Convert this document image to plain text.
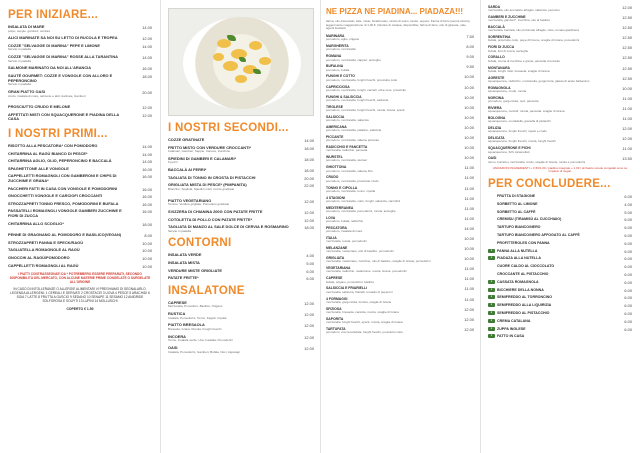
PER INIZIARE...
INSALATA DI MARE
polpo, seppie, gamberi, verdure
14.00
ALICI MARINATE SA NOI SU LETTO DI RUCOLA E TROPEA	12.00
COZZE "SELVAGGE DI MARINA" PEPE E LIMONE
Servito in padella
14.00
COZZE "SELVAGGE DI MARINA" ROSSE ALLA TARANTINA
Servito in padella
14.00
SALMONE MARINATO DA NOI ALL'ARANCIA	16.00
SAUTÉ GOURMET: COZZE E VONGOLE CON ALLORO E PEPERONCINO
Servito in padella
18.00
GRAN PIATTO OASI
crudo, insalata di mare, salmone e alici marinate, Gamberi
20.00
PROSCIUTTO CRUDO E MELONE	12.00
AFFETTATI MISTI CON SQUACQUERONE E PIADINA DELLA CASA
12.00
I NOSTRI PRIMI...
RISOTTO ALLA PESCATORA* CON POMODORO	14.00
CHITARRINA AL RAGÙ BIANCO DI PESCE*	14.00
CHITARRINA AGLIO, OLIO, PEPERONCINO E BACCALÀ	14.00
SPAGHETTONE ALLE VONGOLE	16.00
CAPPELLETTI ROMAGNOLI CON GAMBERONI E CHIPS DI ZUCCHINE E GRANA*
16.00
PACCHERI FATTI IN CASA CON VONGOLE E POMODORINI	16.00
GNOCCHETTI VONGOLE E CARCIOFI CROCCANTI	16.00
STROZZAPRETI TONNO FRESCO, POMODORINI E BUFALA	16.00
PASSATELLI ROMAGNOLI VONGOLE GAMBERI ZUCCHINE E FIORI DI ZUCCA
16.00
CHITARRINA ALLO SCOGLIO*	18.00
PENNE DI GRAGNANO AL POMODORO E BASILICO(VEGAN)	8.00
STROZZAPRETI PANNA E SPECK/RAGÙ	10.00
TAGLIATELLA ROMAGNOLE AL RAGÙ	10.00
GNOCCHI AL RAGÙ/POMODORO	10.00
CAPPELLETTI ROMAGNOLI AL RAGÙ	10.00
I PIATTI CONTRASSEGNATI DA * POTREBBERO ESSERE PREPARATI, SECONDO DISPONIBILITÀ DEL MERCATO, CON ALCUNE MATERIE PRIME CONGELATE O SURGELATE ALL'ORIGINE
IN CASO DI INTOLLERANZE O ALLERGIE ALIMENTARI VI PREGHIAMO DI SEGNALARLO. LEGENDA ALLERGENI: 1 CEREALI E DERIVATI 2 CROSTACEI 3 UOVA 4 PESCE 5 ARACHIDI 6 SOIA 7 LATTE 8 FRUTTA A GUSCIO 9 SEDANO 10 SENAPE 11 SESAMO 12 ANIDRIDE SOLFOROSA E SOLFITI 13 LUPINI 14 MOLLUSCHI
COPERTO € 1.50
I NOSTRI SECONDI...
COZZE GRATINATE	14.00
FRITTO MISTO CON VERDURE CROCCANTI*
Calamari, Gamberi, Seppie, Canoce, Zucchine
18.00
SPIEDINI DI GAMBERI E CALAMARI*
6 pezzi
18.00
BACCALÀ AI FERRI*	18.00
TAGLIATA DI TONNO IN CROSTA DI PISTACCHI	20.00
GRIGLIATA MISTA DI PESCE* (PIMPANITA)
Branzino, Sogliola, Spiedini misti, Cozze gratinate
22.00
PIATTO VEGETARIANO
Tomino, Verdure grigliate, Pomodoro gratinato
12.00
SVIZZERA DI CHIANINA 200G CON PATATE FRITTE	12.00
COTOLETTA DI POLLO CON PATATE FRITTE*	12.00
TAGLIATA DI MANZO AL SALE DOLCE DI CERVIA E ROSMARINO
Servito in padella
18.00
CONTORNI
INSALATA VERDE	4.00
INSALATA MISTA	5.00
VERDURE MISTE GRIGLIATE	6.00
PATATE FRITTE*	6.00
INSALATONE
CAPRESE
Mozzarella, Pomodoro, Basilico, Origano
12.00
RUSTICA
Insalata, Pomodorini, Tonno, Fagioli, Cipolla
12.00
PIATTO BRESAOLA
Bresaola, Grana, Rucola, Funghi freschi
12.00
INCOERA
Tonno, Insalata verde, Uva, Insalata, Pomodorini
12.00
OASI
Insalata, Pomodorini, Gamberi, Bufala, Noci, Asparagi
12.00
NE PIZZA NE PIADINA... PIADAZA!!!
farina, olio d'avocado, sale, miele, bicarbonato, strutto di suino, lievito. oppure: Farina di farro (senza strutto), leggermente maggiorazione di 1,00 €. (Glutine di canapa, disponibile). farina di farro, olio di girasole, sale, agenti lievitanti
MARINARA
pomodoro, aglio, origano
7.50
MARGHERITA
pomodoro, mozzarella
8.00
ROMANA
pomodoro, mozzarella, capperi, acciughe
9.00
BUFALINA
pomodoro, bufala
9.50
FUNGHI E COTTO
pomodoro, mozzarella, funghi freschi, prosciutto cotto
10.00
CAPRICCIOSA
pomodoro, mozzarella, funghi, carciofi, olive nere, prosciutto
10.00
FUNGHI & SALSICCIA
pomodoro, mozzarella, funghi freschi, salsiccia
10.00
TIROLESE
pomodoro, mozzarella, funghi freschi, rucola, Grana, speck
10.00
SALSICCIA
pomodoro, mozzarella, salsiccia
10.00
AMERICANA
pomodoro, mozzarella, patatine, salsiccia
10.00
PICCANTE
pomodoro, mozzarella, salame piccante
10.00
RADICCHIO E PANCETTA
mozzarella, radicchio, pancetta
10.00
WURSTEL
pomodoro, mozzarella, wurstel
10.00
GHIOTTONA
pomodoro, mozzarella, salame frito
11.00
CRUDO
pomodoro, mozzarella, prosciutto crudo
11.00
TONNO E CIPOLLA
pomodoro, mozzarella, tonno, cipolla
11.00
4 STAGIONI
pomodoro, mozzarella, cotto, funghi, salsiccia, carciofini
11.00
MEDITERRANEA
pomodoro, mozzarella, pomodorini, rucola, acciughe
11.00
LOVA
pomodoro, bufala, radicchio
11.00
PESCATORA
pomodoro, insalata di mare
14.00
ITALIA
mozzarella, rucola, pomodorini
10.00
MELANZANE
mozzarella, melanzane, olio di basilico, pomodorini
10.00
GRIGLIATA
mozzarella, melanzane, zucchine, olio di basilico, scaglie di Grana, pomodorini
10.00
VEGETARIANA
mozzarella, radicchio, melanzane, rucola, Grana, pomodorini
11.00
CAPRESE
bufala, origano, pomodorini, basilico
11.00
SALSICCIA E FRIARIELLI
mozzarella, salsiccia, friarielli, tomatini di peperoni
11.00
4 FORMAGGI
mozzarella, gorgonzola, fontina, scaglie di Grana
11.00
SFIZIOSA
mozzarella, bresaola, caciotta, rucola, scaglie di Grana
12.00
SAPORITA
mozzarella, funghi freschi, speck, rucola, scaglie di Grana
12.00
TARTUFATA
pomodoro, crema tartufata, funghi freschi, prosciutto cotto
12.00
SARDA
mozzarella, olio aromatico all'aglio, salsiccia, pecorino
12.00
GAMBERI E ZUCCHINE
mozzarella, gamberi*, zucchine, olio al basilico
12.50
BACCALÀ
mozzarella, baccalà, olio profumato all'aglio, olive, tomato-giardinera
12.50
SORRENTINA
bufala, prosciutto cotto, pepe di limone, scaglie di Grana, pomodorini
12.50
FIORI DI ZUCCA
bufala, fiori di zucca, acciughe
12.50
CORALLO
bufala, crema di zucchine e grana, pancetta croccante
12.50
MONTANARA
bufala, funghi misti, bresaola, scaglie di Grana
12.50
AGRESTE
squacquerone, radicchio, mozzarella, gorgonzola, glassa di aceto balsamico
12.50
ROMAGNOLA
squacquerone, crudo, rucola
10.00
NORCINA
pomodoro, gorgonzola, noci, pancetta
11.00
RIVIERA
squacquerone, carciofi, rucola, pancetta, scaglie di Grana
11.00
BOLOGNA
squacquerone, mortadella, granella di pistacchi
11.00
DELIZIA
squacquerone, funghi freschi, speck e crudo
12.00
DELICATA
squacquerone, funghi freschi, rucola, funghi freschi
12.00
SQUACQUERONE E PICHI
squacquerone, fichi caramellati
11.00
OASI
tonno, burrata e mozzarella, crudo, scaglie di Grana, rucola e pomodorini
13.50
VARIAZIONI INGREDIENTI + 0,50/1,00 / piadina integrale + 1,00 / pizzaiolo scuole congelati sono su impasto di vegan
PER CONCLUDERE...
FRUTTA DI STAGIONE	6.00
SORBETTO AL LIMONE	4.00
SORBETTO AL CAFFÈ	5.00
CREMISU (TIRAMISÙ AL CUCCHIAIO)	6.00
TARTUFO BIANCO/NERO	6.00
TARTUFO BIANCO/NERO AFFOGATO AL CAFFÈ	6.00
PROFITTEROLES CON PANNA	6.00
♥	PANNA ALLA NUTELLA	6.00
♥	PIADAZA ALLA NUTELLA	6.00
CUORE CALDO AL CIOCCOLATO	6.00
CROCCANTE AL PISTACCHIO	6.00
♥	CASSATA ROMAGNOLA	6.00
♥	BICCHIERE DELLA NONNA	6.00
♥	SEMIFREDDO AL TORRONCINO	6.00
♥	SEMIFREDDO ALLA LIQUIRIZIA	6.00
♥	SEMIFREDDO AL PISTACCHIO	6.00
♥	CREMA CATALANA	6.00
♥	ZUPPA INGLESE	6.00
♥	FATTO IN CASA
